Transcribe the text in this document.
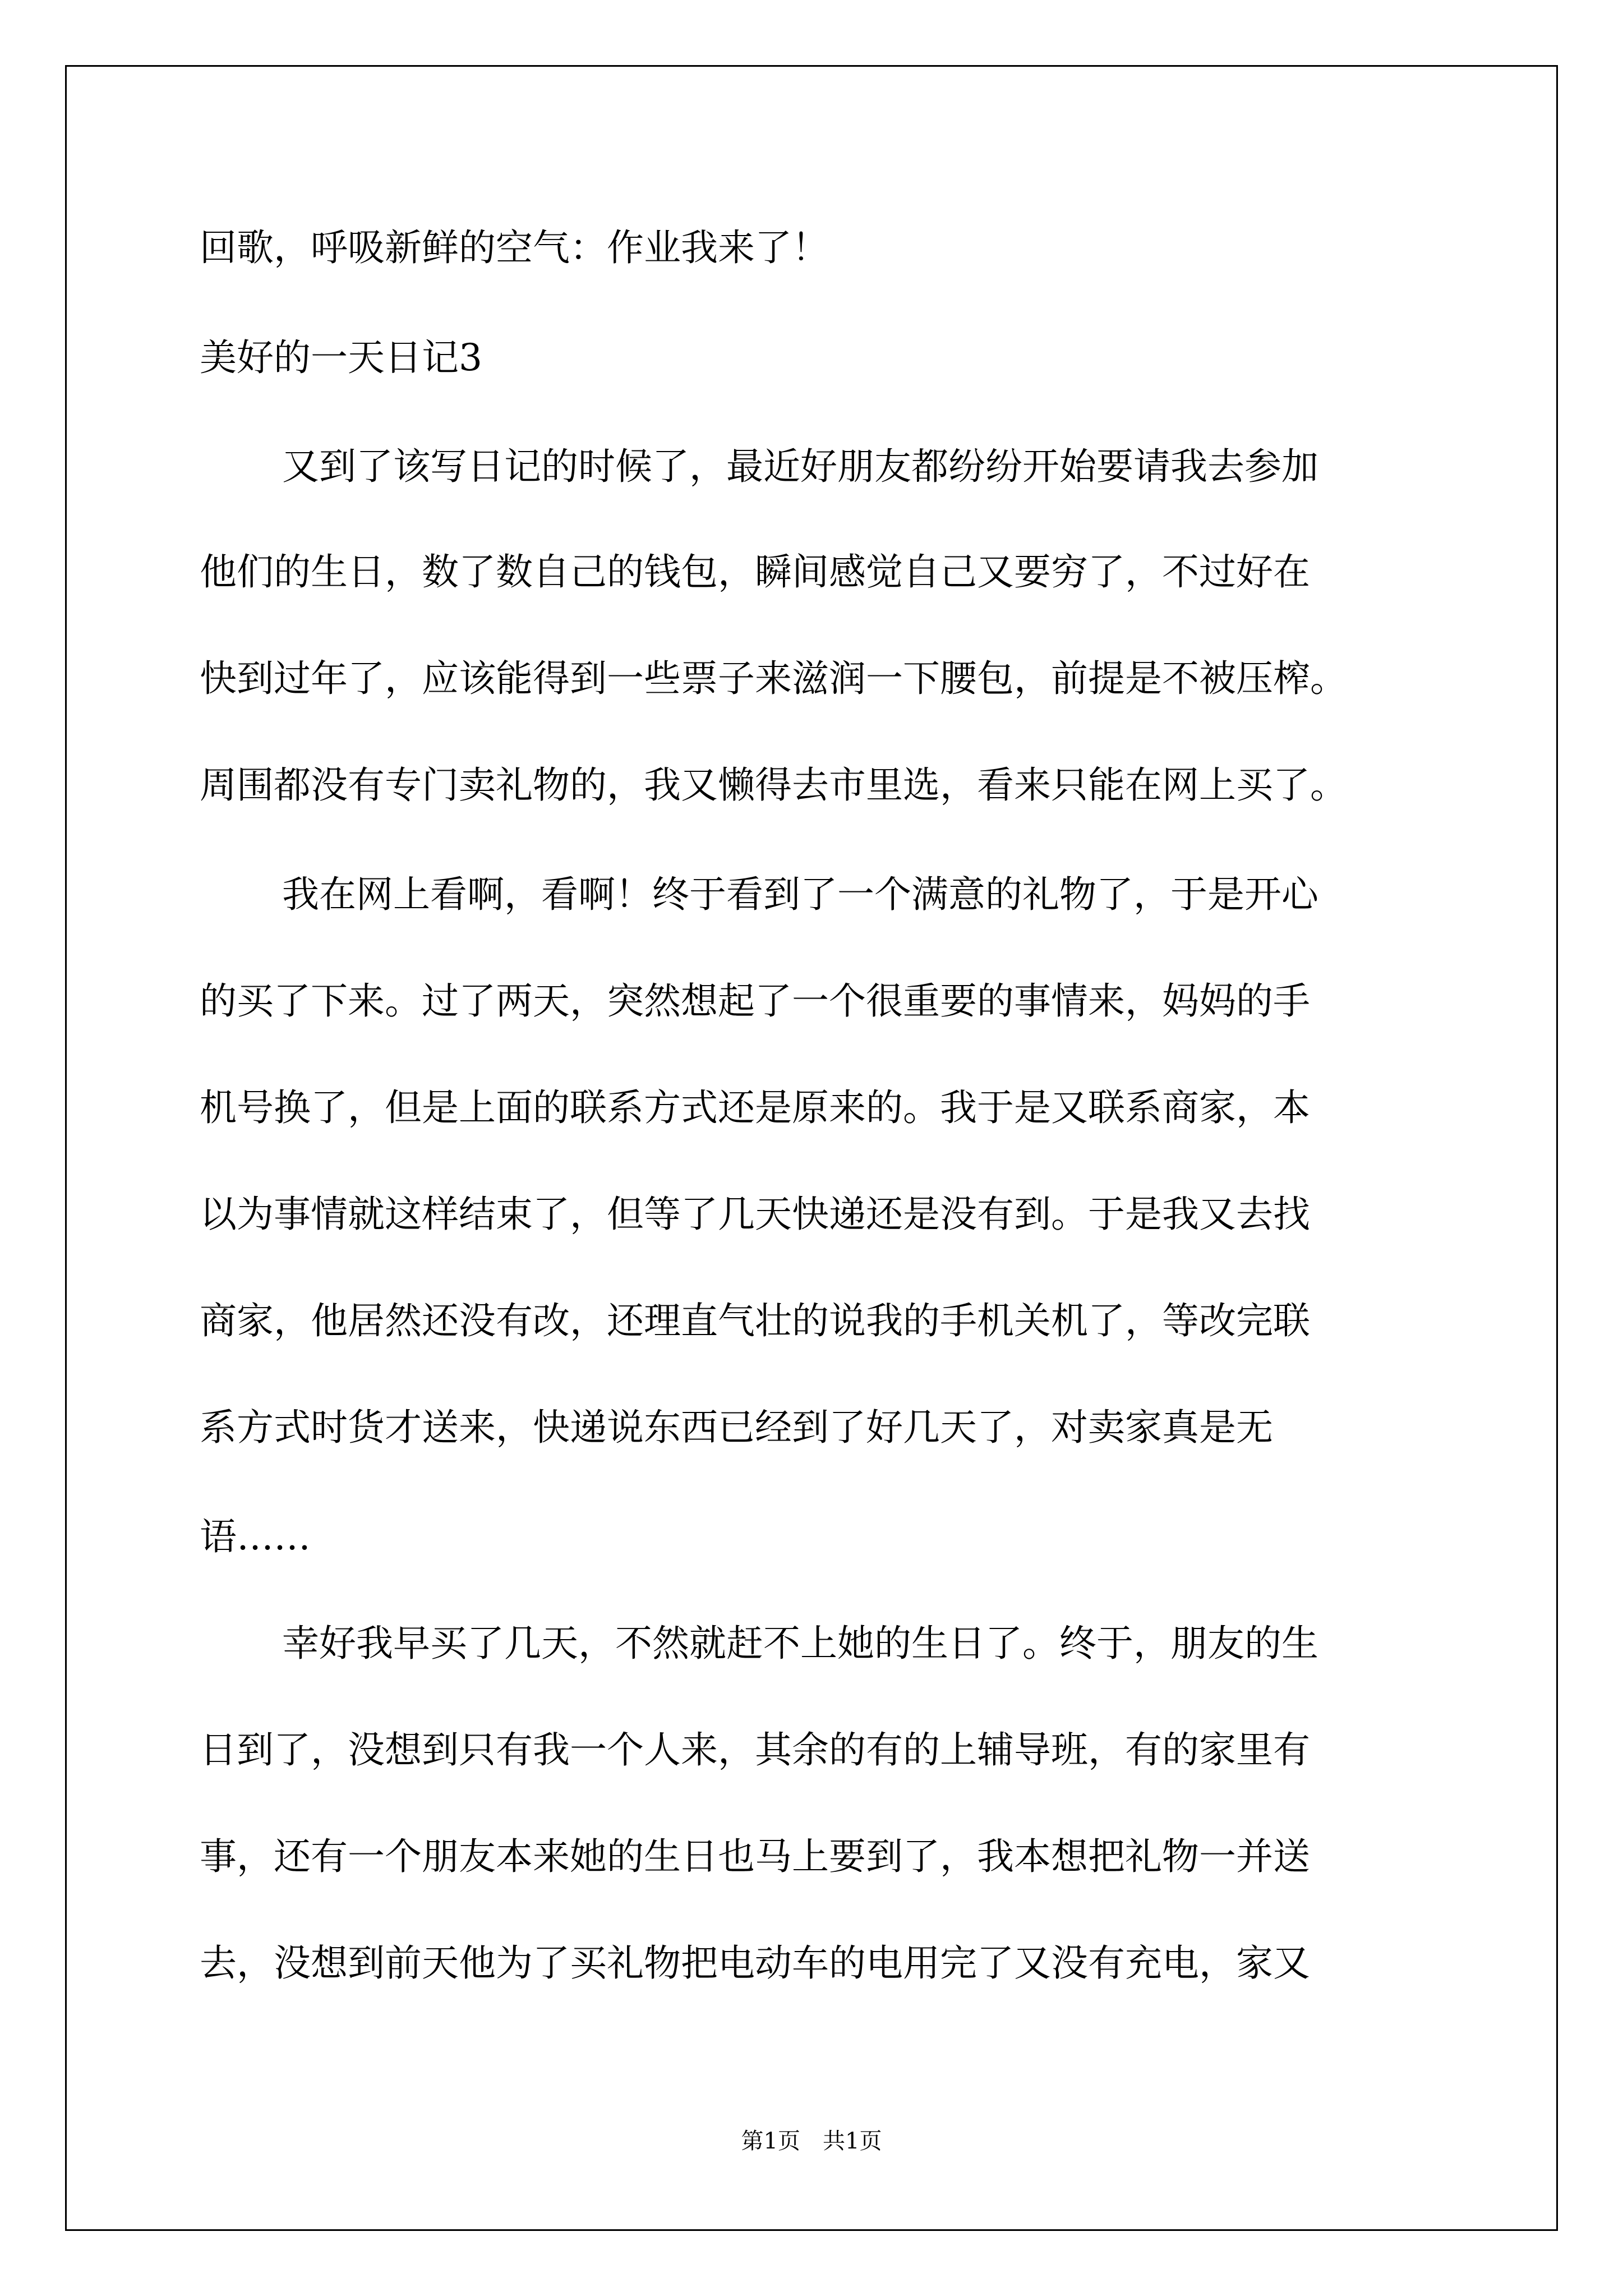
回歌，呼吸新鲜的空气：作业我来了！

美好的一天日记3

又到了该写日记的时候了，最近好朋友都纷纷开始要请我去参加

他们的生日，数了数自己的钱包，瞬间感觉自己又要穷了，不过好在

快到过年了，应该能得到一些票子来滋润一下腰包，前提是不被压榨。

周围都没有专门卖礼物的，我又懒得去市里选，看来只能在网上买了。

我在网上看啊，看啊！终于看到了一个满意的礼物了，于是开心

的买了下来。过了两天，突然想起了一个很重要的事情来，妈妈的手

机号换了，但是上面的联系方式还是原来的。我于是又联系商家，本

以为事情就这样结束了，但等了几天快递还是没有到。于是我又去找

商家，他居然还没有改，还理直气壮的说我的手机关机了，等改完联

系方式时货才送来，快递说东西已经到了好几天了，对卖家真是无

语……

幸好我早买了几天，不然就赶不上她的生日了。终于，朋友的生

日到了，没想到只有我一个人来，其余的有的上辅导班，有的家里有

事，还有一个朋友本来她的生日也马上要到了，我本想把礼物一并送

去，没想到前天他为了买礼物把电动车的电用完了又没有充电，家又

第1页　共1页
